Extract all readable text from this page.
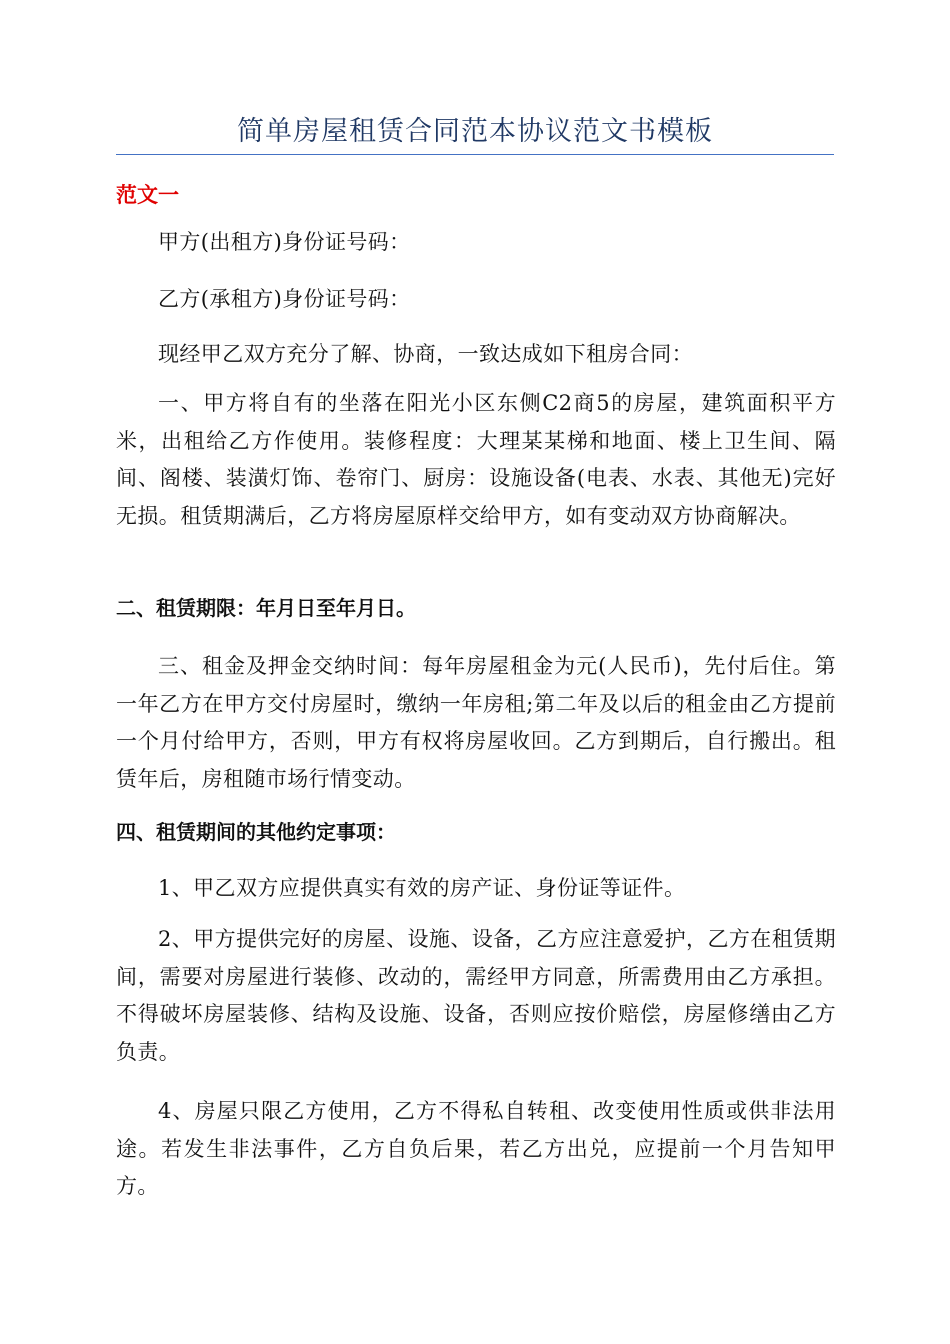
简单房屋租赁合同范本协议范文书模板
范文一
甲方(出租方)身份证号码：
乙方(承租方)身份证号码：
现经甲乙双方充分了解、协商，一致达成如下租房合同：
一、甲方将自有的坐落在阳光小区东侧C2商5的房屋，建筑面积平方米，出租给乙方作使用。装修程度：大理某某梯和地面、楼上卫生间、隔间、阁楼、装潢灯饰、卷帘门、厨房：设施设备(电表、水表、其他无)完好无损。租赁期满后，乙方将房屋原样交给甲方，如有变动双方协商解决。
二、租赁期限：年月日至年月日。
三、租金及押金交纳时间：每年房屋租金为元(人民币)，先付后住。第一年乙方在甲方交付房屋时，缴纳一年房租;第二年及以后的租金由乙方提前一个月付给甲方，否则，甲方有权将房屋收回。乙方到期后，自行搬出。租赁年后，房租随市场行情变动。
四、租赁期间的其他约定事项：
1、甲乙双方应提供真实有效的房产证、身份证等证件。
2、甲方提供完好的房屋、设施、设备，乙方应注意爱护，乙方在租赁期间，需要对房屋进行装修、改动的，需经甲方同意，所需费用由乙方承担。不得破坏房屋装修、结构及设施、设备，否则应按价赔偿，房屋修缮由乙方负责。
4、房屋只限乙方使用，乙方不得私自转租、改变使用性质或供非法用途。若发生非法事件，乙方自负后果，若乙方出兑，应提前一个月告知甲方。
